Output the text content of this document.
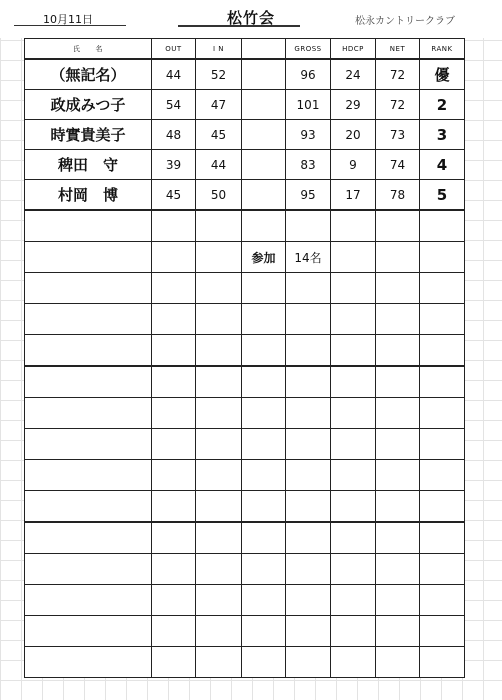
10月11日	松竹会	松永カントリークラブ
氏　　名	OUT	I N		GROSS	HDCP	NET	RANK
（無記名）	44	52		96	24	72	優
政成みつ子	54	47		101	29	72	2
時實貴美子	48	45		93	20	73	3
稗田　守	39	44		83	9	74	4
村岡　博	45	50		95	17	78	5

			参加	14名			
